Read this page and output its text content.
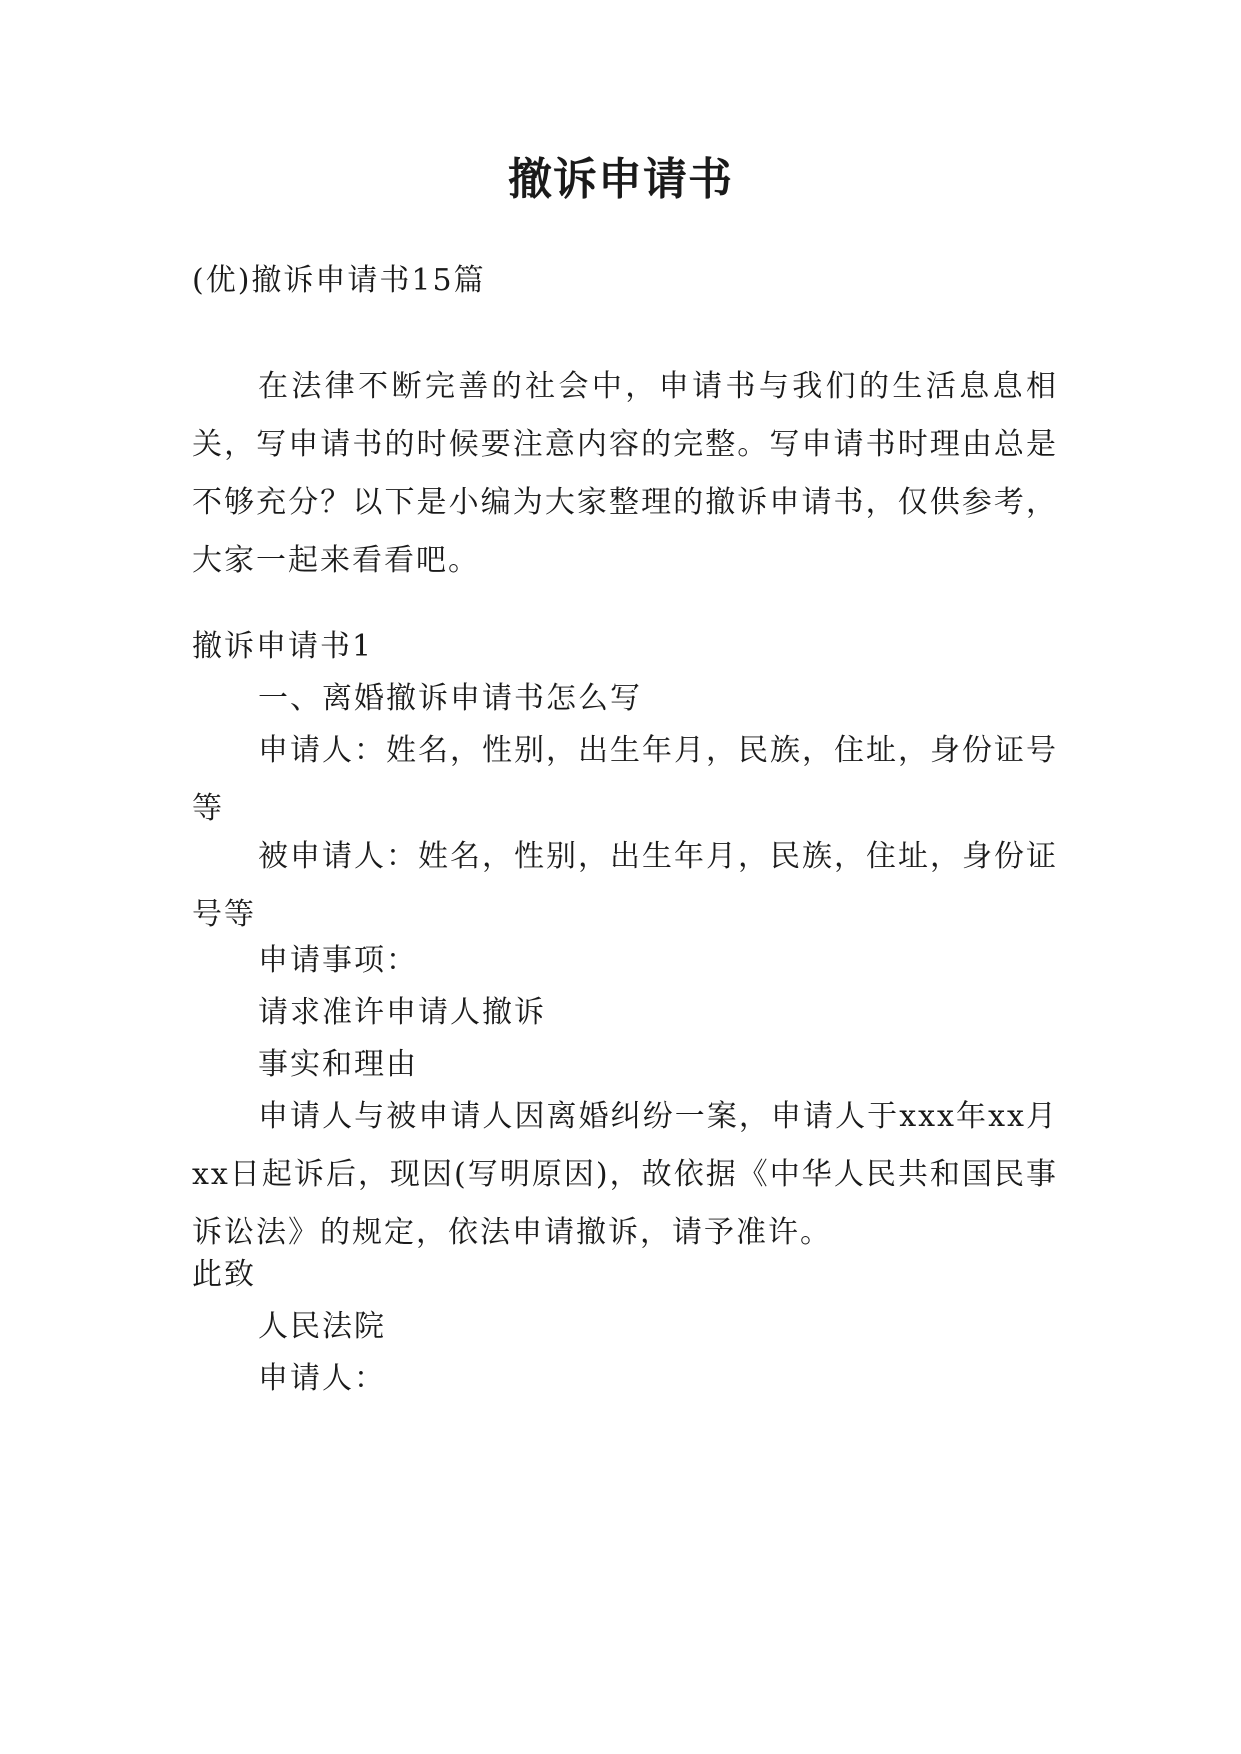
撤诉申请书

(优)撤诉申请书15篇

在法律不断完善的社会中，申请书与我们的生活息息相关，写申请书的时候要注意内容的完整。写申请书时理由总是不够充分？以下是小编为大家整理的撤诉申请书，仅供参考，大家一起来看看吧。

撤诉申请书1

一、离婚撤诉申请书怎么写

申请人：姓名，性别，出生年月，民族，住址，身份证号等

被申请人：姓名，性别，出生年月，民族，住址，身份证号等

申请事项：

请求准许申请人撤诉

事实和理由

申请人与被申请人因离婚纠纷一案，申请人于xxx年xx月xx日起诉后，现因(写明原因)，故依据《中华人民共和国民事诉讼法》的规定，依法申请撤诉，请予准许。

此致

人民法院

申请人：
